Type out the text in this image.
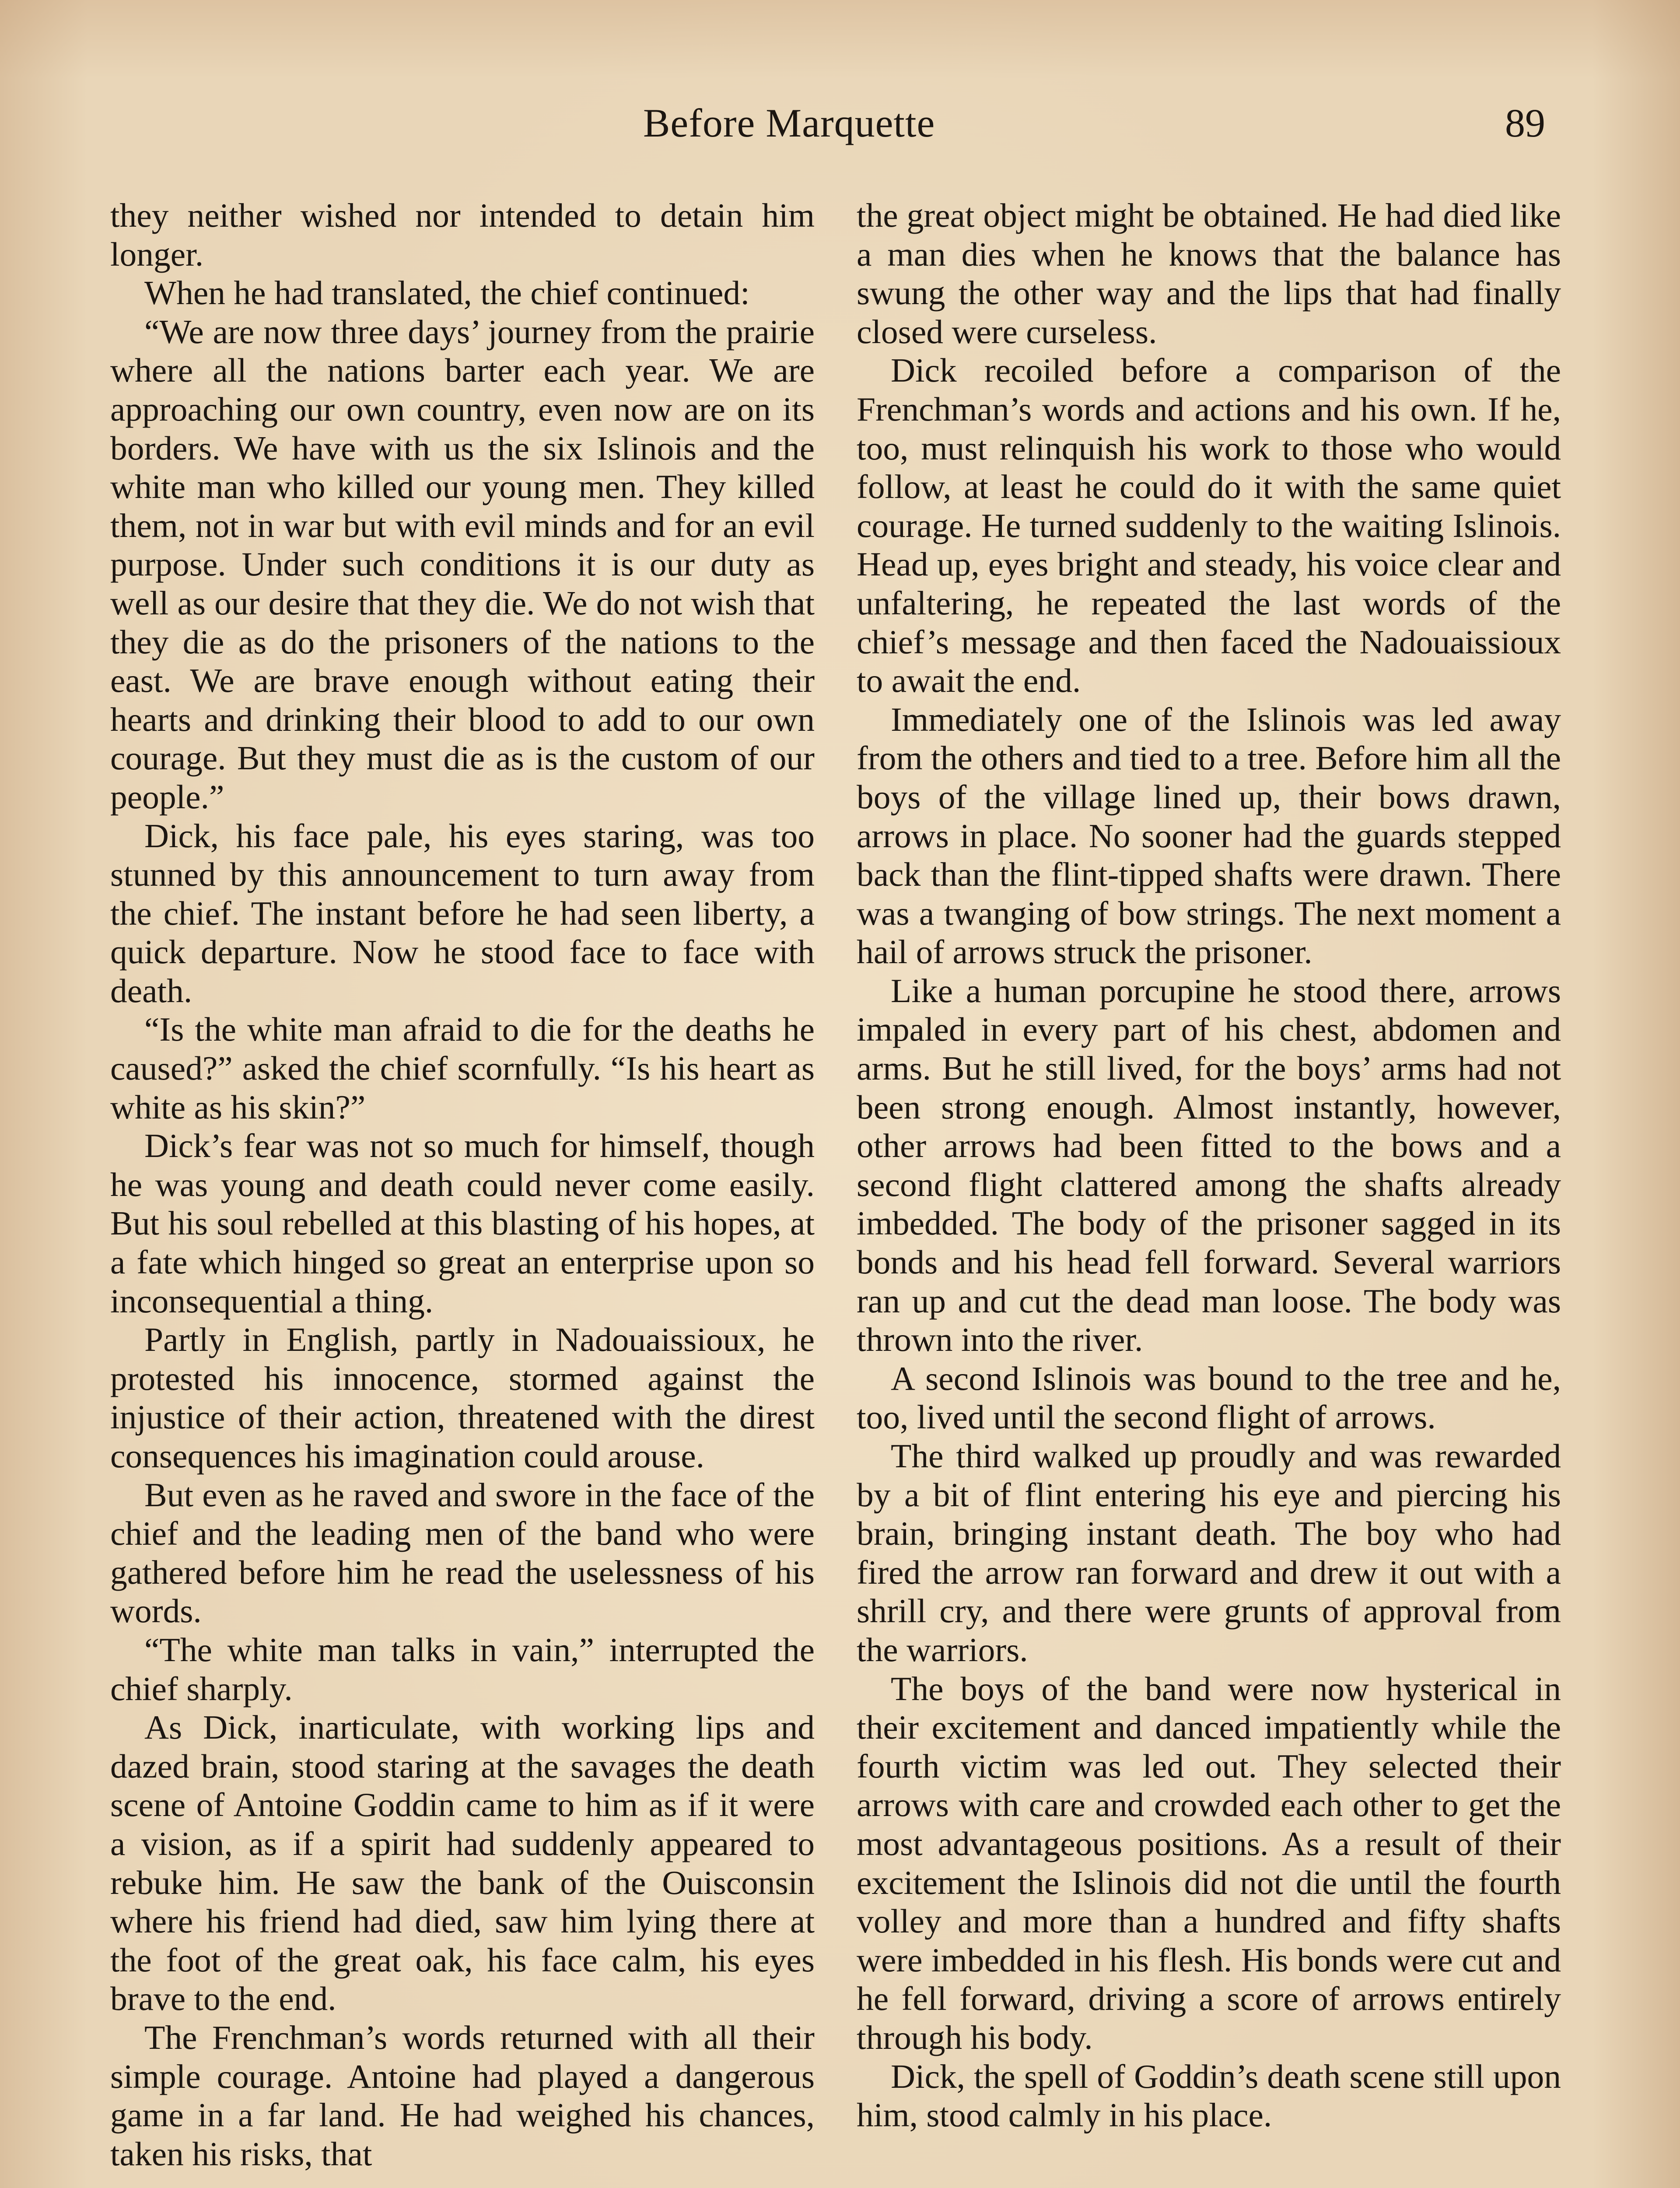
Before Marquette	89

they neither wished nor intended to detain him longer.

When he had translated, the chief continued:

“We are now three days’ journey from the prairie where all the nations barter each year. We are approaching our own country, even now are on its borders. We have with us the six Islinois and the white man who killed our young men. They killed them, not in war but with evil minds and for an evil purpose. Under such conditions it is our duty as well as our desire that they die. We do not wish that they die as do the prisoners of the nations to the east. We are brave enough without eating their hearts and drinking their blood to add to our own courage. But they must die as is the custom of our people.”

Dick, his face pale, his eyes staring, was too stunned by this announcement to turn away from the chief. The instant before he had seen liberty, a quick departure. Now he stood face to face with death.

“Is the white man afraid to die for the deaths he caused?” asked the chief scornfully. “Is his heart as white as his skin?”

Dick’s fear was not so much for himself, though he was young and death could never come easily. But his soul rebelled at this blasting of his hopes, at a fate which hinged so great an enterprise upon so inconsequential a thing.

Partly in English, partly in Nadouaissioux, he protested his innocence, stormed against the injustice of their action, threatened with the direst consequences his imagination could arouse.

But even as he raved and swore in the face of the chief and the leading men of the band who were gathered before him he read the uselessness of his words.

“The white man talks in vain,” interrupted the chief sharply.

As Dick, inarticulate, with working lips and dazed brain, stood staring at the savages the death scene of Antoine Goddin came to him as if it were a vision, as if a spirit had suddenly appeared to rebuke him. He saw the bank of the Ouisconsin where his friend had died, saw him lying there at the foot of the great oak, his face calm, his eyes brave to the end.

The Frenchman’s words returned with all their simple courage. Antoine had played a dangerous game in a far land. He had weighed his chances, taken his risks, that

the great object might be obtained. He had died like a man dies when he knows that the balance has swung the other way and the lips that had finally closed were curseless.

Dick recoiled before a comparison of the Frenchman’s words and actions and his own. If he, too, must relinquish his work to those who would follow, at least he could do it with the same quiet courage. He turned suddenly to the waiting Islinois. Head up, eyes bright and steady, his voice clear and unfaltering, he repeated the last words of the chief’s message and then faced the Nadouaissioux to await the end.

Immediately one of the Islinois was led away from the others and tied to a tree. Before him all the boys of the village lined up, their bows drawn, arrows in place. No sooner had the guards stepped back than the flint-tipped shafts were drawn. There was a twanging of bow strings. The next moment a hail of arrows struck the prisoner.

Like a human porcupine he stood there, arrows impaled in every part of his chest, abdomen and arms. But he still lived, for the boys’ arms had not been strong enough. Almost instantly, however, other arrows had been fitted to the bows and a second flight clattered among the shafts already imbedded. The body of the prisoner sagged in its bonds and his head fell forward. Several warriors ran up and cut the dead man loose. The body was thrown into the river.

A second Islinois was bound to the tree and he, too, lived until the second flight of arrows.

The third walked up proudly and was rewarded by a bit of flint entering his eye and piercing his brain, bringing instant death. The boy who had fired the arrow ran forward and drew it out with a shrill cry, and there were grunts of approval from the warriors.

The boys of the band were now hysterical in their excitement and danced impatiently while the fourth victim was led out. They selected their arrows with care and crowded each other to get the most advantageous positions. As a result of their excitement the Islinois did not die until the fourth volley and more than a hundred and fifty shafts were imbedded in his flesh. His bonds were cut and he fell forward, driving a score of arrows entirely through his body.

Dick, the spell of Goddin’s death scene still upon him, stood calmly in his place.
